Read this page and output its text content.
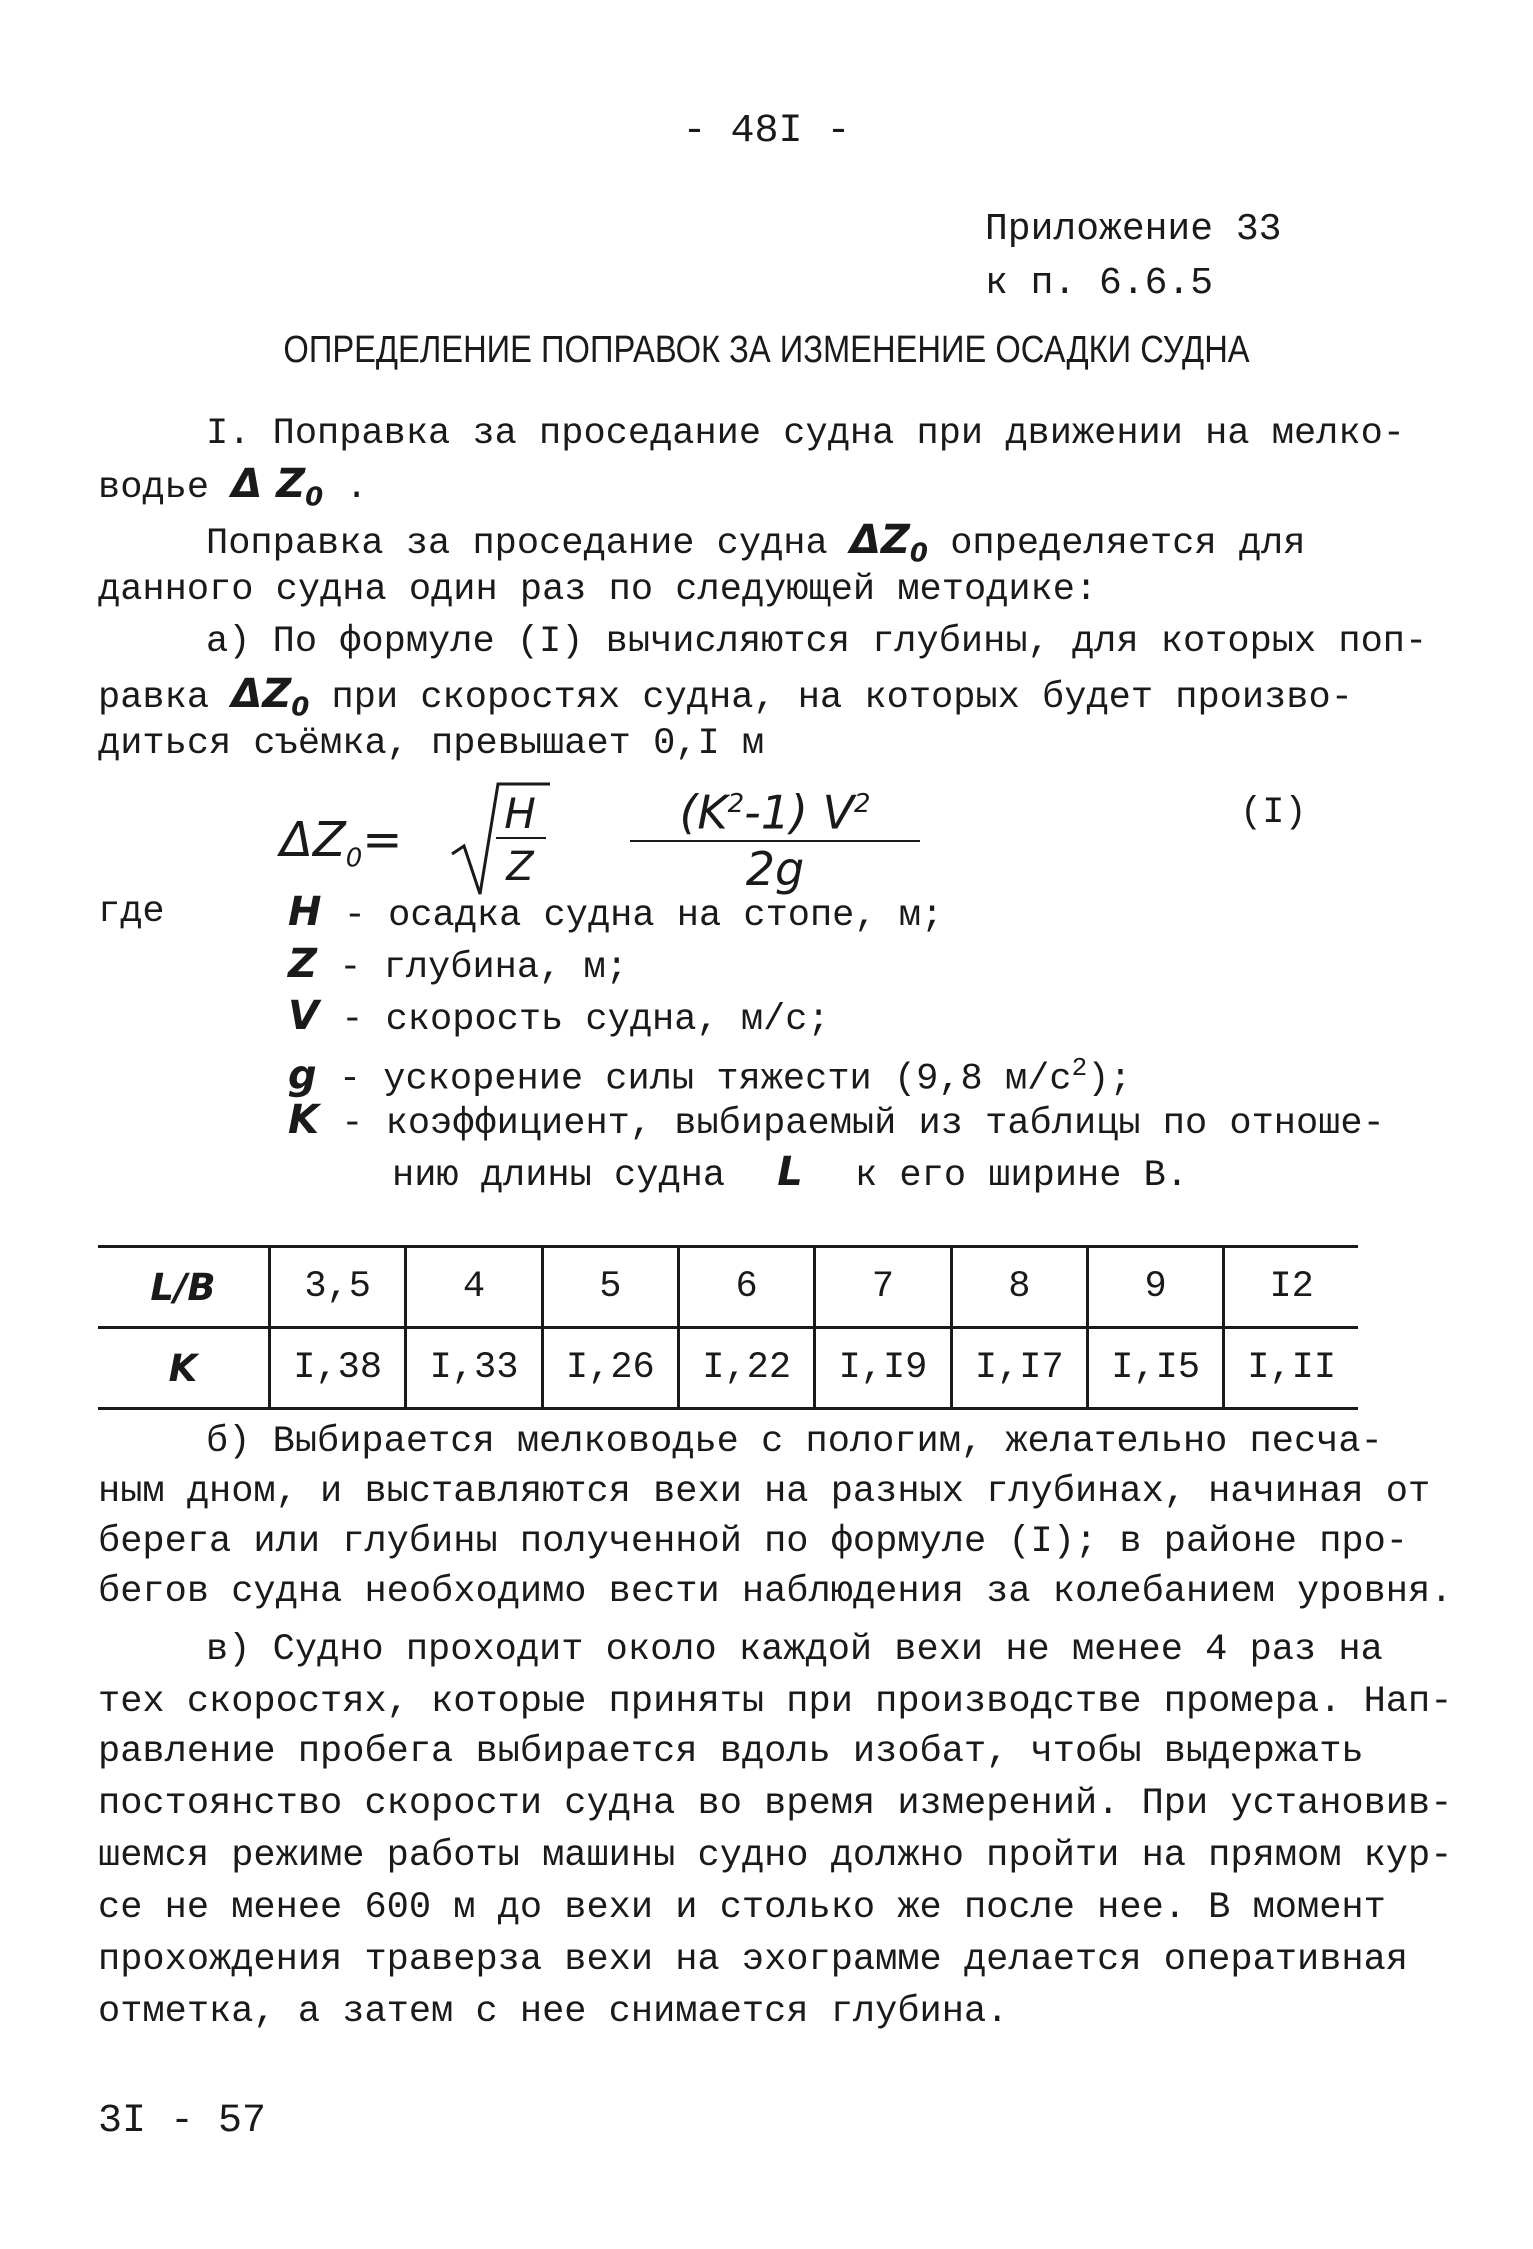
- 48I -
Приложение 33
к п. 6.6.5
ОПРЕДЕЛЕНИЕ ПОПРАВОК ЗА ИЗМЕНЕНИЕ ОСАДКИ СУДНА
I. Поправка за проседание судна при движении на мелко-
водье Δ $Z_0$ .
Поправка за проседание судна $\Delta Z_0$ определяется для
данного судна один раз по следующей методике:
а) По формуле (I) вычисляются глубины, для которых поп-
равка $\Delta Z_0$ при скоростях судна, на которых будет произво-
диться съёмка, превышает 0,I м
$\Delta Z_0= H$
Z
$(K^2-1)$ $V^2$
2g
(I)
где	H - осадка судна на стопе, м;
Z - глубина, м;
V - скорость судна, м/с;
g - ускорение силы тяжести (9,8 $м/с^2$);
K - коэффициент, выбираемый из таблицы по отноше-
нию длины судна L к его ширине В.
L/B	3,5	4	5	6	7	8	9	I2
K	I,38	I,33	I,26	I,22	I,I9	I,I7	I,I5	I,II
б) Выбирается мелководье с пологим, желательно песча-
ным дном, и выставляются вехи на разных глубинах, начиная от
берега или глубины полученной по формуле (I); в районе про-
бегов судна необходимо вести наблюдения за колебанием уровня.
в) Судно проходит около каждой вехи не менее 4 раз на
тех скоростях, которые приняты при производстве промера. Нап-
равление пробега выбирается вдоль изобат, чтобы выдержать
постоянство скорости судна во время измерений. При установив-
шемся режиме работы машины судно должно пройти на прямом кур-
се не менее 600 м до вехи и столько же после нее. В момент
прохождения траверза вехи на эхограмме делается оперативная
отметка, а затем с нее снимается глубина.
3I - 57
